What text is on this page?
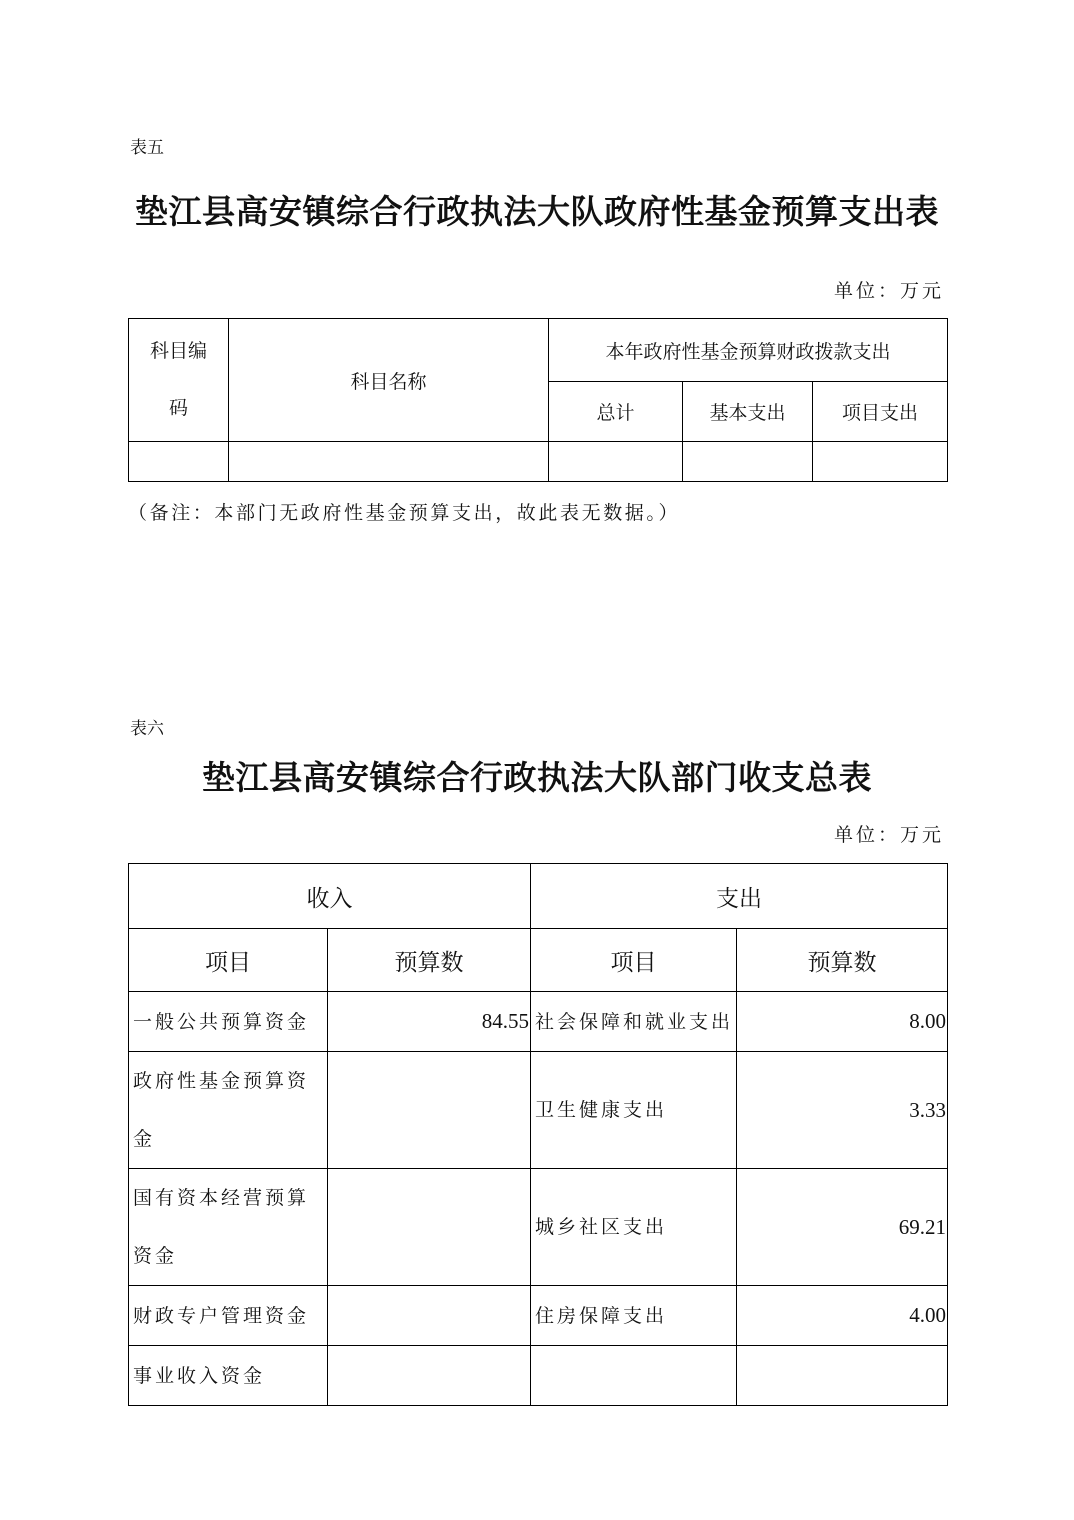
表五
垫江县高安镇综合行政执法大队政府性基金预算支出表
单位：万元
科目编
码	科目名称	本年政府性基金预算财政拨款支出		
		总计	基本支出	项目支出

（备注：本部门无政府性基金预算支出，故此表无数据。）
表六
垫江县高安镇综合行政执法大队部门收支总表
单位：万元
收入		支出	
项目	预算数	项目	预算数
一般公共预算资金	84.55	社会保障和就业支出	8.00
政府性基金预算资金		卫生健康支出	3.33
国有资本经营预算资金		城乡社区支出	69.21
财政专户管理资金		住房保障支出	4.00
事业收入资金			
